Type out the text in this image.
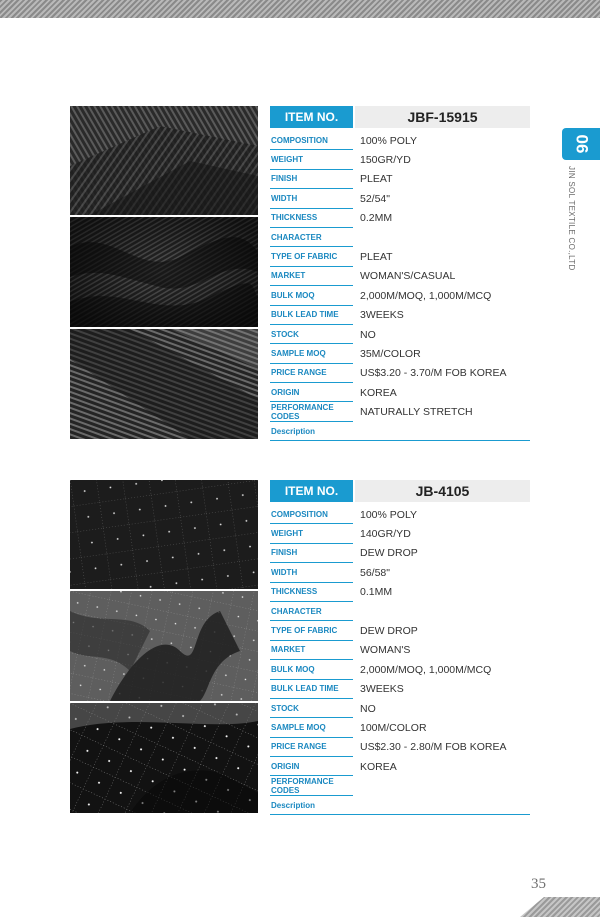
06
JIN SOL TEXTILE CO.,LTD
ITEM NO.	JBF-15915
COMPOSITION	100% POLY
WEIGHT	150GR/YD
FINISH	PLEAT
WIDTH	52/54"
THICKNESS	0.2MM
CHARACTER
TYPE OF FABRIC	PLEAT
MARKET	WOMAN'S/CASUAL
BULK MOQ	2,000M/MOQ, 1,000M/MCQ
BULK LEAD TIME	3WEEKS
STOCK	NO
SAMPLE MOQ	35M/COLOR
PRICE RANGE	US$3.20 - 3.70/M FOB KOREA
ORIGIN	KOREA
PERFORMANCE CODES	NATURALLY STRETCH
Description
ITEM NO.	JB-4105
COMPOSITION	100% POLY
WEIGHT	140GR/YD
FINISH	DEW DROP
WIDTH	56/58"
THICKNESS	0.1MM
CHARACTER
TYPE OF FABRIC	DEW DROP
MARKET	WOMAN'S
BULK MOQ	2,000M/MOQ, 1,000M/MCQ
BULK LEAD TIME	3WEEKS
STOCK	NO
SAMPLE MOQ	100M/COLOR
PRICE RANGE	US$2.30 - 2.80/M FOB KOREA
ORIGIN	KOREA
PERFORMANCE CODES
Description
35
